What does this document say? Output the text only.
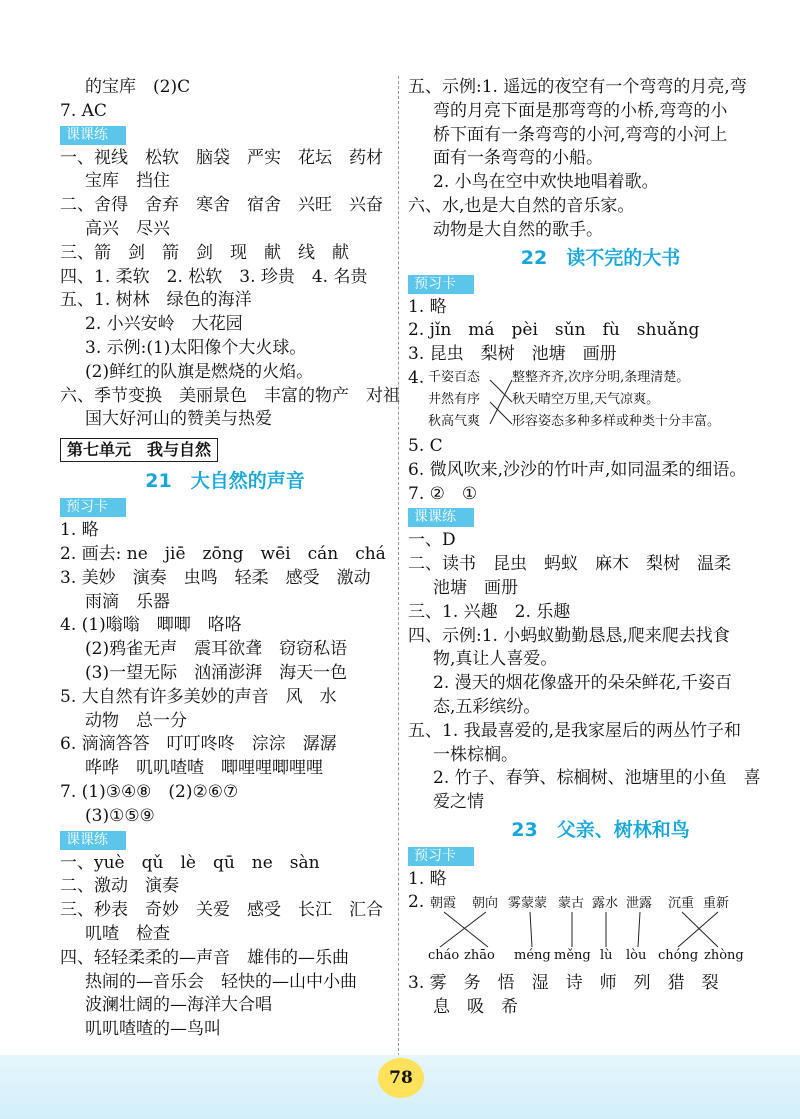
的宝库　(2)C
7. AC
课课练
一、视线　松软　脑袋　严实　花坛　药材
宝库　挡住
二、舍得　舍弃　寒舍　宿舍　兴旺　兴奋
高兴　尽兴
三、箭　剑　箭　剑　现　献　线　献
四、1. 柔软　2. 松软　3. 珍贵　4. 名贵
五、1. 树林　绿色的海洋
2. 小兴安岭　大花园
3. 示例:(1)太阳像个大火球。
(2)鲜红的队旗是燃烧的火焰。
六、季节变换　美丽景色　丰富的物产　对祖
国大好河山的赞美与热爱
第七单元　我与自然
21　大自然的声音
预习卡
1. 略
2. 画去: ne　jiē　zōng　wēi　cán　chá
3. 美妙　演奏　虫鸣　轻柔　感受　激动
雨滴　乐器
4. (1)嗡嗡　唧唧　咯咯
(2)鸦雀无声　震耳欲聋　窃窃私语
(3)一望无际　汹涌澎湃　海天一色
5. 大自然有许多美妙的声音　风　水
动物　总一分
6. 滴滴答答　叮叮咚咚　淙淙　潺潺
哗哗　叽叽喳喳　唧哩哩唧哩哩
7. (1)③④⑧　(2)②⑥⑦
(3)①⑤⑨
课课练
一、yuè　qǔ　lè　qū　ne　sàn
二、激动　演奏
三、秒表　奇妙　关爱　感受　长江　汇合
叽喳　检查
四、轻轻柔柔的—声音　雄伟的—乐曲
热闹的—音乐会　轻快的—山中小曲
波澜壮阔的—海洋大合唱
叽叽喳喳的—鸟叫
五、示例:1. 遥远的夜空有一个弯弯的月亮,弯
弯的月亮下面是那弯弯的小桥,弯弯的小
桥下面有一条弯弯的小河,弯弯的小河上
面有一条弯弯的小船。
2. 小鸟在空中欢快地唱着歌。
六、水,也是大自然的音乐家。
动物是大自然的歌手。
22　读不完的大书
预习卡
1. 略
2. jǐn　má　pèi　sǔn　fù　shuǎng
3. 昆虫　梨树　池塘　画册
4. 千姿百态
井然有序
秋高气爽
整整齐齐,次序分明,条理清楚。
秋天晴空万里,天气凉爽。
形容姿态多种多样或种类十分丰富。
5. C
6. 微风吹来,沙沙的竹叶声,如同温柔的细语。
7. ②　①
课课练
一、D
二、读书　昆虫　蚂蚁　麻木　梨树　温柔
池塘　画册
三、1. 兴趣　2. 乐趣
四、示例:1. 小蚂蚁勤勤恳恳,爬来爬去找食
物,真让人喜爱。
2. 漫天的烟花像盛开的朵朵鲜花,千姿百
态,五彩缤纷。
五、1. 我最喜爱的,是我家屋后的两丛竹子和
一株棕榈。
2. 竹子、春笋、棕榈树、池塘里的小鱼　喜
爱之情
23　父亲、树林和鸟
预习卡
1. 略
2. 朝霞 朝向 雾蒙蒙 蒙古 露水 泄露 沉重 重新
cháo zhāo méng měng lù lòu chóng zhòng
3. 雾　务　悟　湿　诗　师　列　猎　裂
息　吸　希
78
